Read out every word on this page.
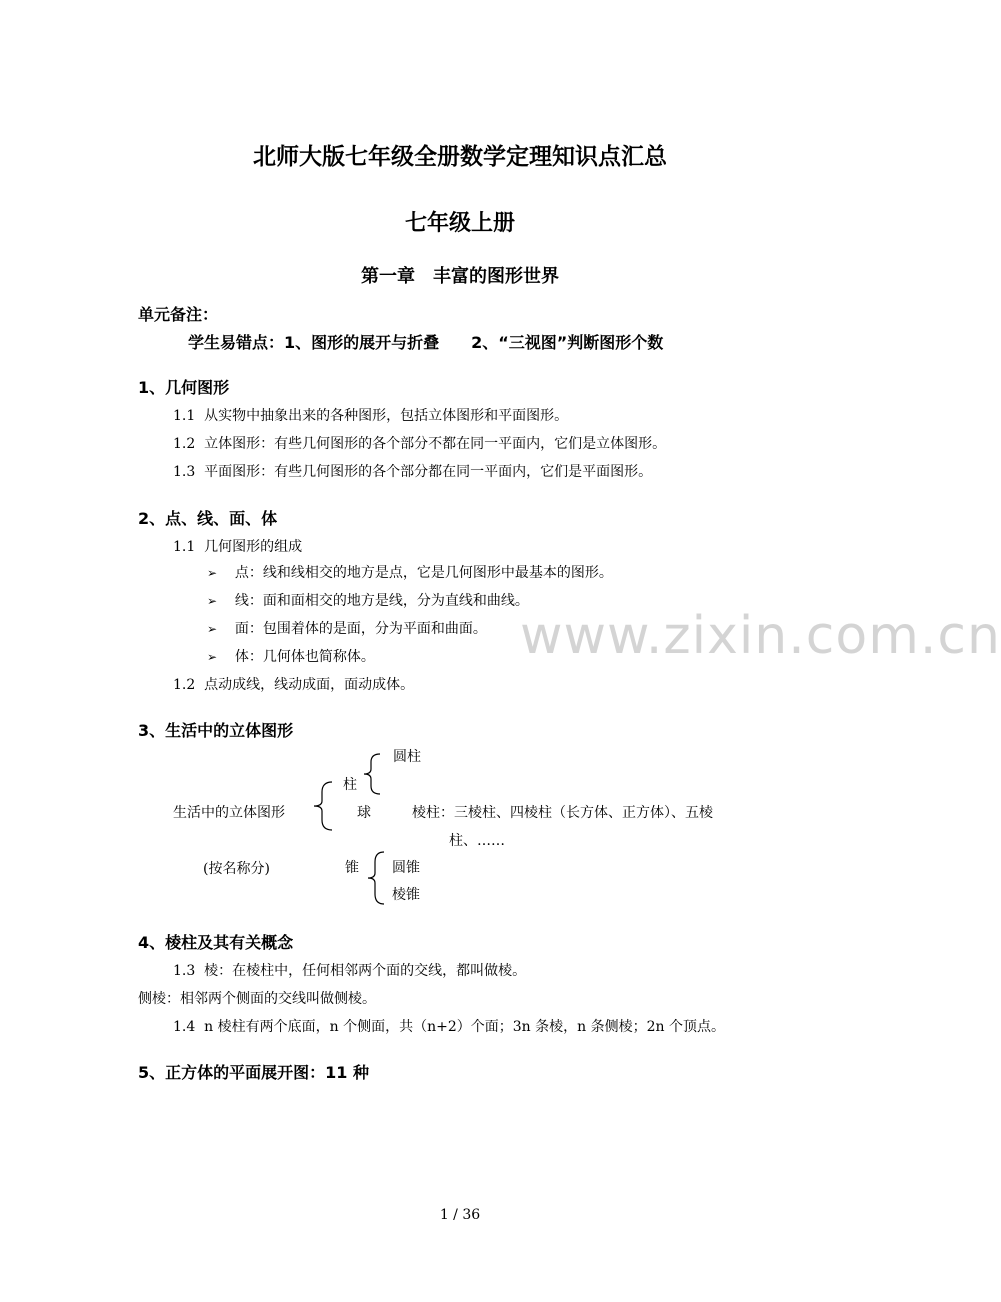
北师大版七年级全册数学定理知识点汇总
七年级上册
第一章　丰富的图形世界
单元备注：
学生易错点：1、图形的展开与折叠　　2、“三视图”判断图形个数
1、几何图形
1.1 从实物中抽象出来的各种图形，包括立体图形和平面图形。
1.2 立体图形：有些几何图形的各个部分不都在同一平面内，它们是立体图形。
1.3 平面图形：有些几何图形的各个部分都在同一平面内，它们是平面图形。
2、点、线、面、体
1.1 几何图形的组成
➢ 点：线和线相交的地方是点，它是几何图形中最基本的图形。
➢ 线：面和面相交的地方是线，分为直线和曲线。
➢ 面：包围着体的是面，分为平面和曲面。
➢ 体：几何体也简称体。
1.2 点动成线，线动成面，面动成体。
www.zixin.com.cn
3、生活中的立体图形
生活中的立体图形
(按名称分)
柱
球
锥
圆柱
棱柱：三棱柱、四棱柱（长方体、正方体）、五棱
柱、……
圆锥
棱锥
4、棱柱及其有关概念
1.3 棱：在棱柱中，任何相邻两个面的交线，都叫做棱。
侧棱：相邻两个侧面的交线叫做侧棱。
1.4 n 棱柱有两个底面，n 个侧面，共（n+2）个面；3n 条棱，n 条侧棱；2n 个顶点。
5、正方体的平面展开图：11 种
1 / 36
